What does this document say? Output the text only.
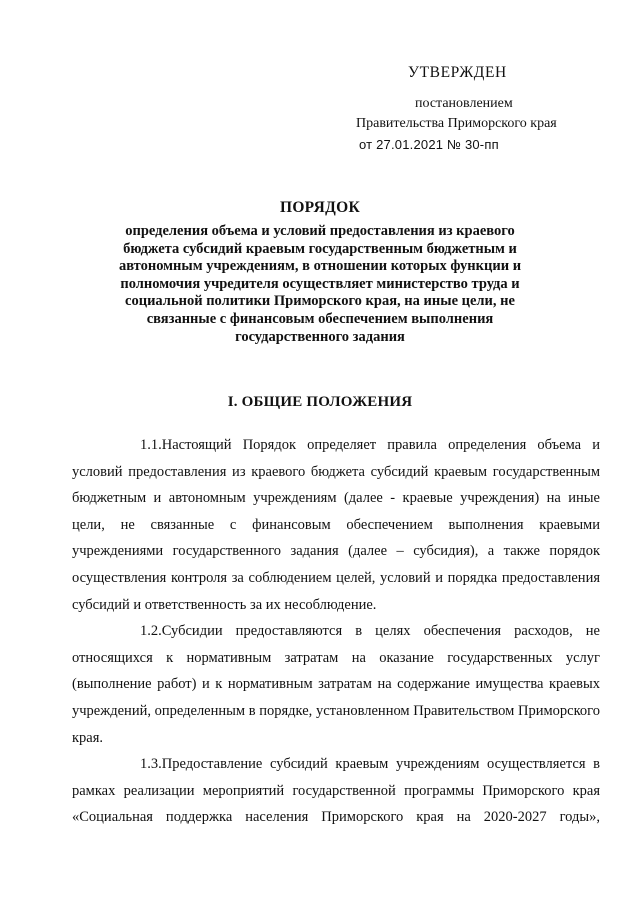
УТВЕРЖДЕН
постановлением
Правительства Приморского края
от 27.01.2021 № 30-пп
ПОРЯДОК
определения объема и условий предоставления из краевого бюджета субсидий краевым государственным бюджетным и автономным учреждениям, в отношении которых функции и полномочия учредителя осуществляет министерство труда и социальной политики Приморского края, на иные цели, не связанные с финансовым обеспечением выполнения государственного задания
I. ОБЩИЕ ПОЛОЖЕНИЯ

1.1.Настоящий Порядок определяет правила определения объема и условий предоставления из краевого бюджета субсидий краевым государственным бюджетным и автономным учреждениям (далее - краевые учреждения) на иные цели, не связанные с финансовым обеспечением выполнения краевыми учреждениями государственного задания (далее – субсидия), а также порядок осуществления контроля за соблюдением целей, условий и порядка предоставления субсидий и ответственность за их несоблюдение.

1.2.Субсидии предоставляются в целях обеспечения расходов, не относящихся к нормативным затратам на оказание государственных услуг (выполнение работ) и к нормативным затратам на содержание имущества краевых учреждений, определенным в порядке, установленном Правительством Приморского края.

1.3.Предоставление субсидий краевым учреждениям осуществляется в рамках реализации мероприятий государственной программы Приморского края «Социальная поддержка населения Приморского края на 2020-2027 годы»,
